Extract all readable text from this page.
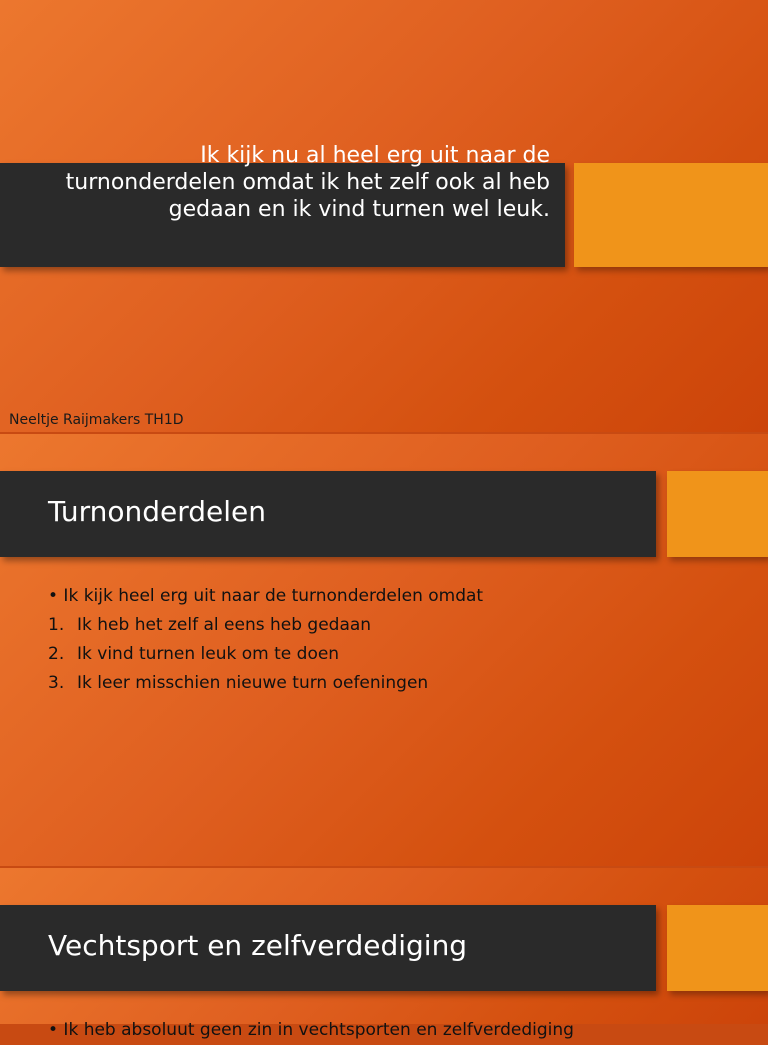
Ik kijk nu al heel erg uit naar de turnonderdelen omdat ik het zelf ook al heb gedaan en ik vind turnen wel leuk.
Neeltje Raijmakers TH1D
Turnonderdelen
• Ik kijk heel erg uit naar de turnonderdelen omdat
1. Ik heb het zelf al eens heb gedaan
2. Ik vind turnen leuk om te doen
3. Ik leer misschien nieuwe turn oefeningen
Vechtsport en zelfverdediging
• Ik heb absoluut geen zin in vechtsporten en zelfverdediging
